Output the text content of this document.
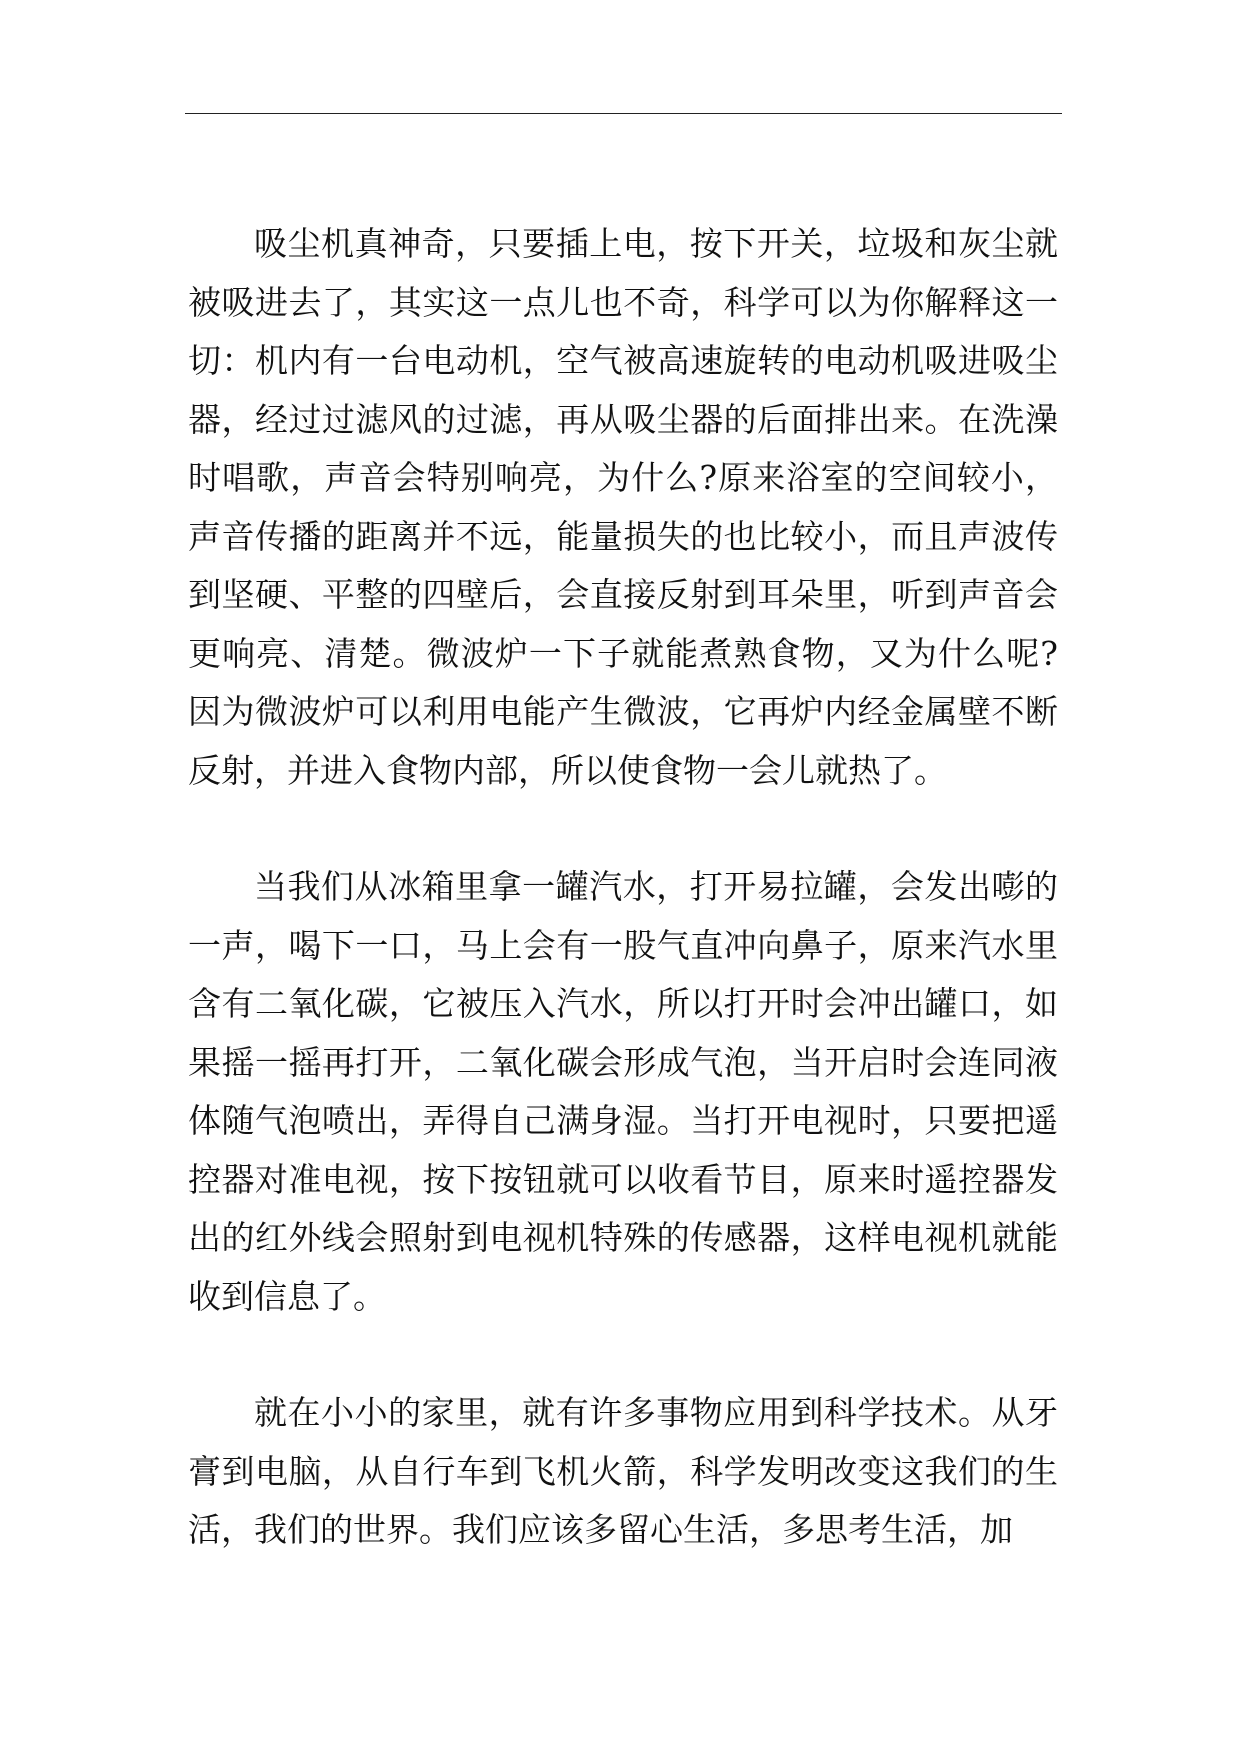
吸尘机真神奇，只要插上电，按下开关，垃圾和灰尘就被吸进去了，其实这一点儿也不奇，科学可以为你解释这一切：机内有一台电动机，空气被高速旋转的电动机吸进吸尘器，经过过滤风的过滤，再从吸尘器的后面排出来。在洗澡时唱歌，声音会特别响亮，为什么?原来浴室的空间较小，声音传播的距离并不远，能量损失的也比较小，而且声波传到坚硬、平整的四壁后，会直接反射到耳朵里，听到声音会更响亮、清楚。微波炉一下子就能煮熟食物，又为什么呢?因为微波炉可以利用电能产生微波，它再炉内经金属壁不断反射，并进入食物内部，所以使食物一会儿就热了。

当我们从冰箱里拿一罐汽水，打开易拉罐，会发出嘭的一声，喝下一口，马上会有一股气直冲向鼻子，原来汽水里含有二氧化碳，它被压入汽水，所以打开时会冲出罐口，如果摇一摇再打开，二氧化碳会形成气泡，当开启时会连同液体随气泡喷出，弄得自己满身湿。当打开电视时，只要把遥控器对准电视，按下按钮就可以收看节目，原来时遥控器发出的红外线会照射到电视机特殊的传感器，这样电视机就能收到信息了。

就在小小的家里，就有许多事物应用到科学技术。从牙膏到电脑，从自行车到飞机火箭，科学发明改变这我们的生活，我们的世界。我们应该多留心生活，多思考生活，加
